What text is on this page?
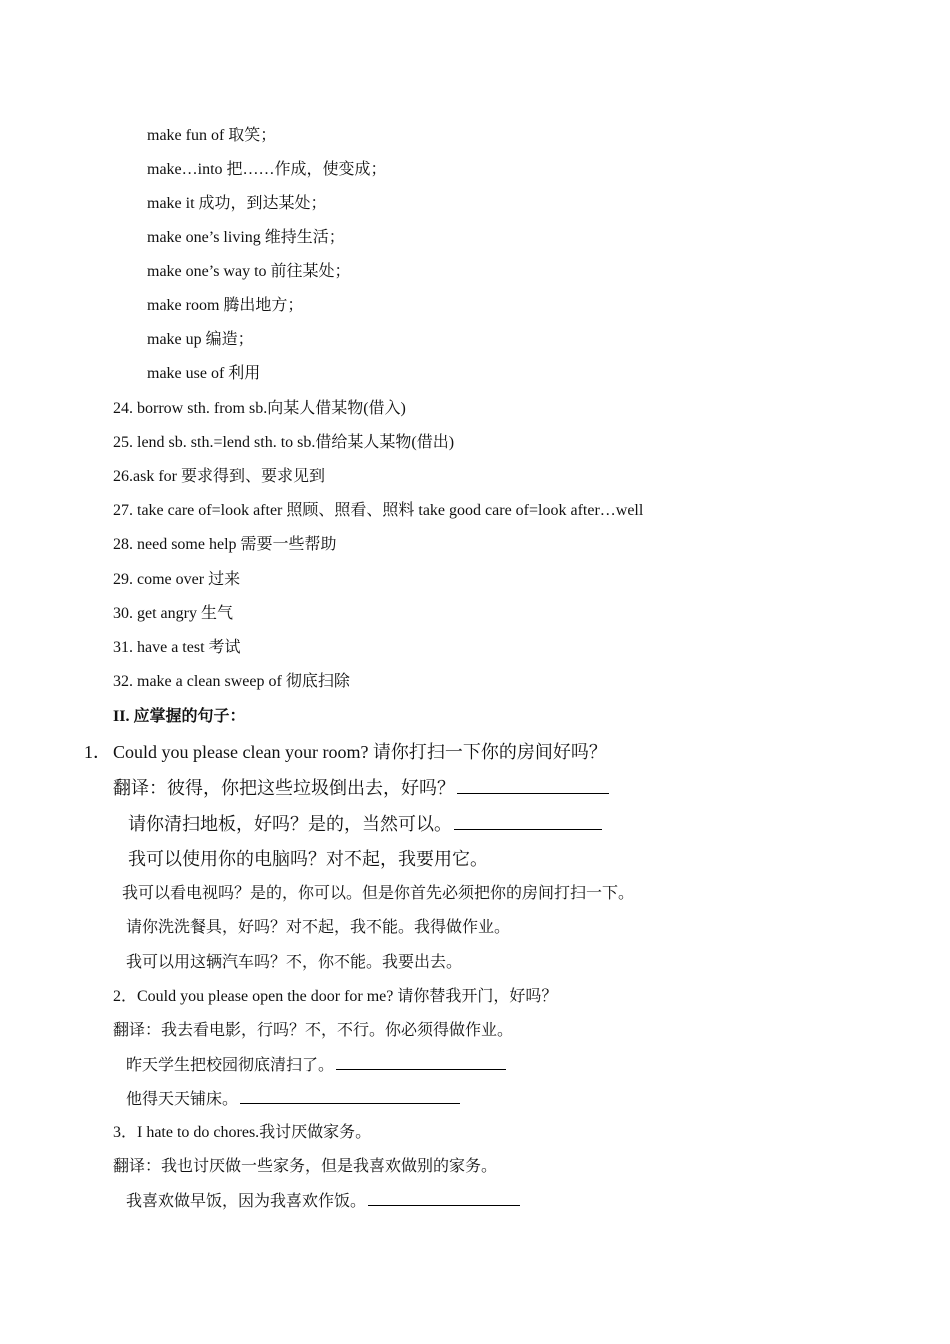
make fun of 取笑；
make…into 把……作成，使变成；
make it 成功，到达某处；
make one’s living 维持生活；
make one’s way to 前往某处；
make room 腾出地方；
make up 编造；
make use of 利用
24. borrow sth. from sb.向某人借某物(借入)
25. lend sb. sth.=lend sth. to sb.借给某人某物(借出)
26.ask for 要求得到、要求见到
27. take care of=look after 照顾、照看、照料 take good care of=look after…well
28. need some help 需要一些帮助
29. come over 过来
30. get angry 生气
31. have a test 考试
32. make a clean sweep of 彻底扫除
II. 应掌握的句子：
1． Could you please clean your room? 请你打扫一下你的房间好吗？
翻译：彼得，你把这些垃圾倒出去，好吗？
请你清扫地板，好吗？是的，当然可以。
我可以使用你的电脑吗？对不起，我要用它。
我可以看电视吗？是的，你可以。但是你首先必须把你的房间打扫一下。
请你洗洗餐具，好吗？对不起，我不能。我得做作业。
我可以用这辆汽车吗？不，你不能。我要出去。
2．Could you please open the door for me? 请你替我开门，好吗？
翻译：我去看电影，行吗？不，不行。你必须得做作业。
昨天学生把校园彻底清扫了。
他得天天铺床。
3．I hate to do chores.我讨厌做家务。
翻译：我也讨厌做一些家务，但是我喜欢做别的家务。
我喜欢做早饭，因为我喜欢作饭。
